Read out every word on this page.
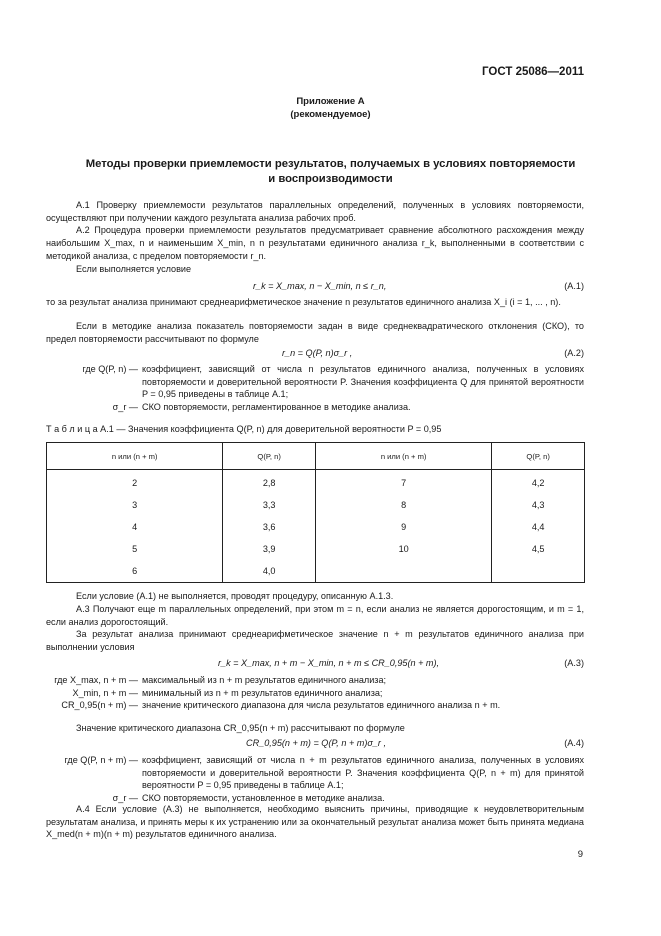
ГОСТ 25086—2011
Приложение А
(рекомендуемое)
Методы проверки приемлемости результатов, получаемых в условиях повторяемости
и воспроизводимости

А.1 Проверку приемлемости результатов параллельных определений, полученных в условиях повторяемости, осуществляют при получении каждого результата анализа рабочих проб.

А.2 Процедура проверки приемлемости результатов предусматривает сравнение абсолютного расхождения между наибольшим X_max, n и наименьшим X_min, n n результатами единичного анализа r_k, выполненными в соответствии с методикой анализа, с пределом повторяемости r_n.

Если выполняется условие

r_k = X_max, n − X_min, n ≤ r_n,	(А.1)

то за результат анализа принимают среднеарифметическое значение n результатов единичного анализа X_i (i = 1, ... , n).

Если в методике анализа показатель повторяемости задан в виде среднеквадратического отклонения (СКО), то предел повторяемости рассчитывают по формуле

r_n = Q(P, n)σ_r ,	(А.2)
где Q(P, n) — коэффициент, зависящий от числа n результатов единичного анализа, полученных в условиях повторяемости и доверительной вероятности P. Значения коэффициента Q для принятой вероятности P = 0,95 приведены в таблице А.1;
σ_r — СКО повторяемости, регламентированное в методике анализа.

Т а б л и ц а А.1 — Значения коэффициента Q(P, n) для доверительной вероятности P = 0,95

n или (n + m)	Q(P, n)	n или (n + m)	Q(P, n)
2	2,8	7	4,2
3	3,3	8	4,3
4	3,6	9	4,4
5	3,9	10	4,5
6	4,0		

Если условие (А.1) не выполняется, проводят процедуру, описанную А.1.3.

А.3 Получают еще m параллельных определений, при этом m = n, если анализ не является дорогостоящим, и m = 1, если анализ дорогостоящий.

За результат анализа принимают среднеарифметическое значение n + m результатов единичного анализа при выполнении условия

r_k = X_max, n + m − X_min, n + m ≤ CR_0,95(n + m),	(А.3)
где X_max, n + m — максимальный из n + m результатов единичного анализа;
X_min, n + m — минимальный из n + m результатов единичного анализа;
CR_0,95(n + m) — значение критического диапазона для числа результатов единичного анализа n + m.

Значение критического диапазона CR_0,95(n + m) рассчитывают по формуле

CR_0,95(n + m) = Q(P, n + m)σ_r ,	(А.4)
где Q(P, n + m) — коэффициент, зависящий от числа n + m результатов единичного анализа, полученных в условиях повторяемости и доверительной вероятности P. Значения коэффициента Q(P, n + m) для принятой вероятности P = 0,95 приведены в таблице А.1;
σ_r — СКО повторяемости, установленное в методике анализа.

А.4 Если условие (А.3) не выполняется, необходимо выяснить причины, приводящие к неудовлетворительным результатам анализа, и принять меры к их устранению или за окончательный результат анализа может быть принята медиана X_med(n + m)(n + m) результатов единичного анализа.

9
